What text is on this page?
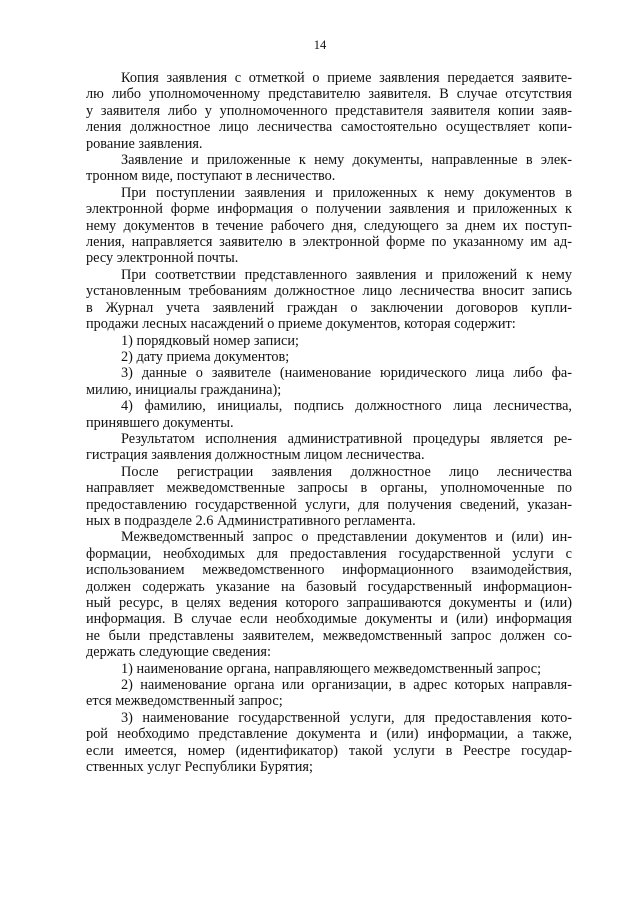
14
Копия заявления с отметкой о приеме заявления передается заявите-
лю либо уполномоченному представителю заявителя. В случае отсутствия
у заявителя либо у уполномоченного представителя заявителя копии заяв-
ления должностное лицо лесничества самостоятельно осуществляет копи-
рование заявления.
Заявление и приложенные к нему документы, направленные в элек-
тронном виде, поступают в лесничество.
При поступлении заявления и приложенных к нему документов в
электронной форме информация о получении заявления и приложенных к
нему документов в течение рабочего дня, следующего за днем их поступ-
ления, направляется заявителю в электронной форме по указанному им ад-
ресу электронной почты.
При соответствии представленного заявления и приложений к нему
установленным требованиям должностное лицо лесничества вносит запись
в Журнал учета заявлений граждан о заключении договоров купли-
продажи лесных насаждений о приеме документов, которая содержит:
1) порядковый номер записи;
2) дату приема документов;
3) данные о заявителе (наименование юридического лица либо фа-
милию, инициалы гражданина);
4) фамилию, инициалы, подпись должностного лица лесничества,
принявшего документы.
Результатом исполнения административной процедуры является ре-
гистрация заявления должностным лицом лесничества.
После регистрации заявления должностное лицо лесничества
направляет межведомственные запросы в органы, уполномоченные по
предоставлению государственной услуги, для получения сведений, указан-
ных в подразделе 2.6 Административного регламента.
Межведомственный запрос о представлении документов и (или) ин-
формации, необходимых для предоставления государственной услуги с
использованием межведомственного информационного взаимодействия,
должен содержать указание на базовый государственный информацион-
ный ресурс, в целях ведения которого запрашиваются документы и (или)
информация. В случае если необходимые документы и (или) информация
не были представлены заявителем, межведомственный запрос должен со-
держать следующие сведения:
1) наименование органа, направляющего межведомственный запрос;
2) наименование органа или организации, в адрес которых направля-
ется межведомственный запрос;
3) наименование государственной услуги, для предоставления кото-
рой необходимо представление документа и (или) информации, а также,
если имеется, номер (идентификатор) такой услуги в Реестре государ-
ственных услуг Республики Бурятия;
